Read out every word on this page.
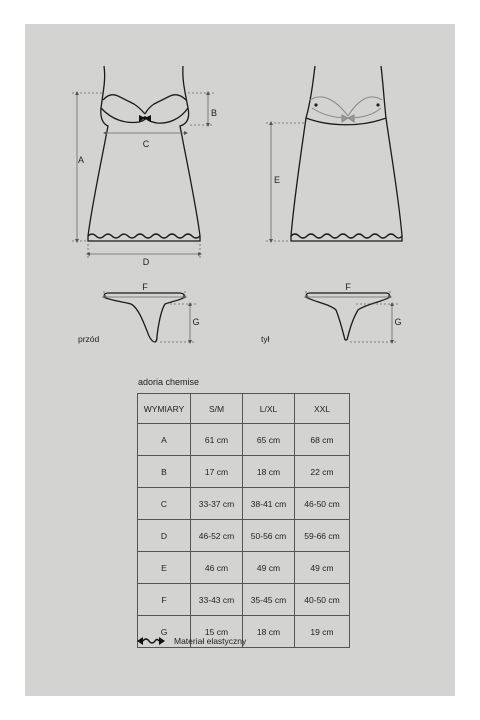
A
B
C
D
E
F
G
F
G
przód	tył
adoria chemise
WYMIARY	S/M	L/XL	XXL
A	61 cm	65 cm	68 cm
B	17 cm	18 cm	22 cm
C	33-37 cm	38-41 cm	46-50 cm
D	46-52 cm	50-56 cm	59-66 cm
E	46 cm	49 cm	49 cm
F	33-43 cm	35-45 cm	40-50 cm
G	15 cm	18 cm	19 cm
Materiał elastyczny
